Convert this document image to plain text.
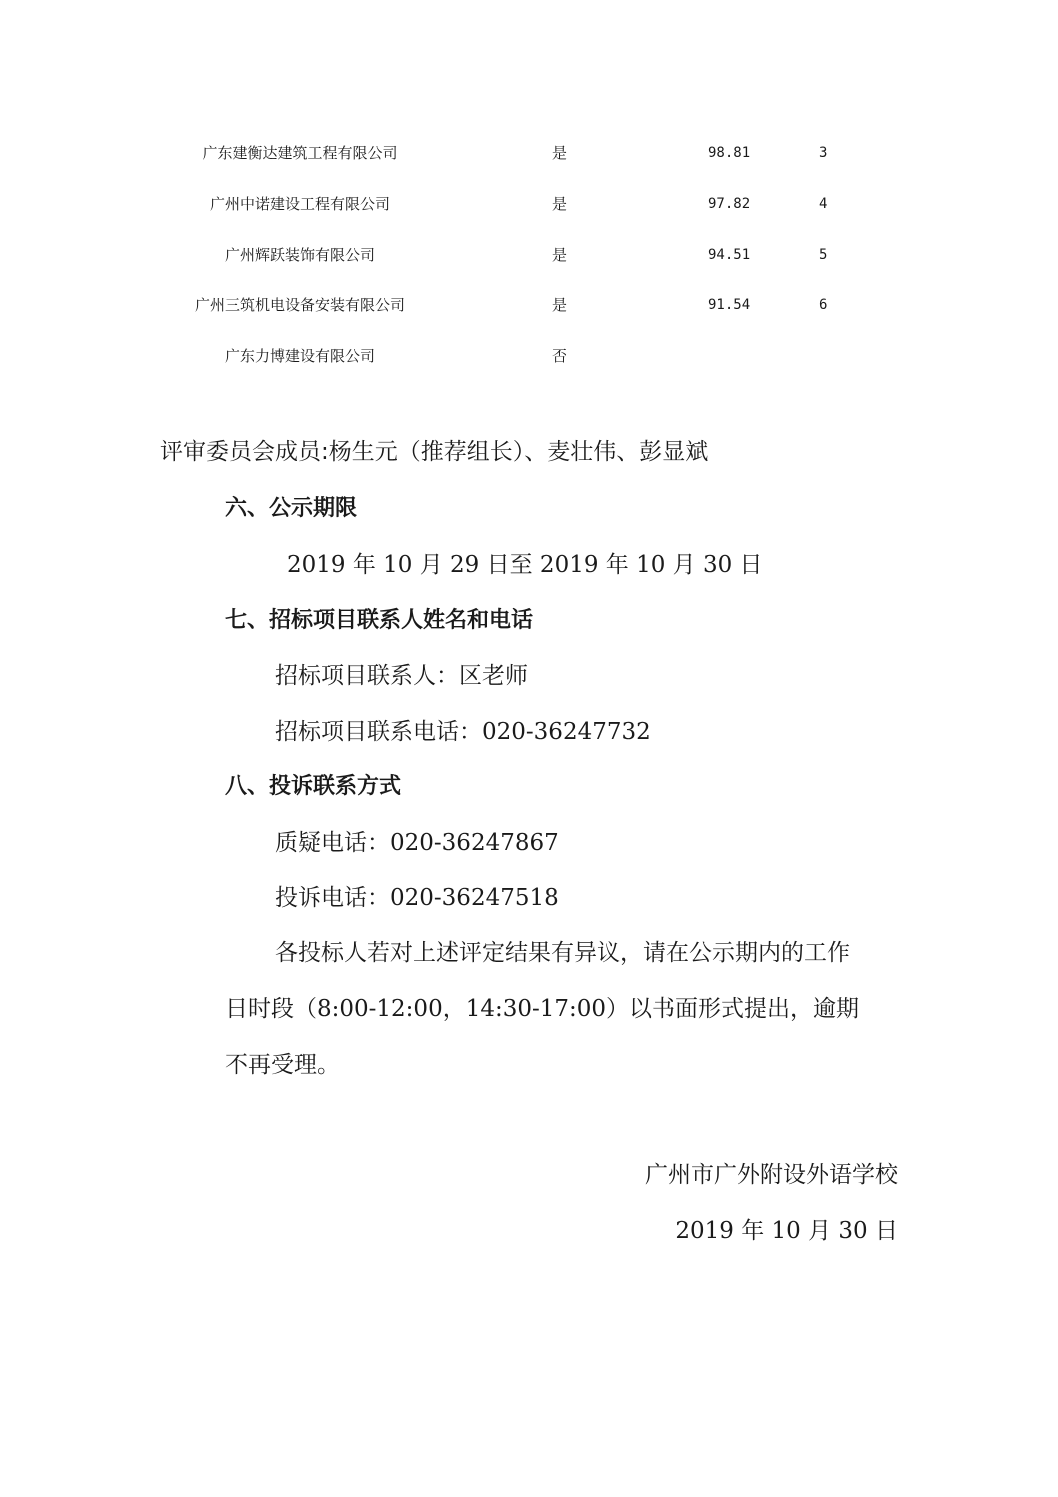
广东建衡达建筑工程有限公司	是	98.81	3
广州中诺建设工程有限公司	是	97.82	4
广州辉跃装饰有限公司	是	94.51	5
广州三筑机电设备安装有限公司	是	91.54	6
广东力博建设有限公司	否
评审委员会成员:杨生元（推荐组长）、麦壮伟、彭显斌
六、公示期限
2019 年 10 月 29 日至 2019 年 10 月 30 日
七、招标项目联系人姓名和电话
招标项目联系人：区老师
招标项目联系电话：020-36247732
八、投诉联系方式
质疑电话：020-36247867
投诉电话：020-36247518
各投标人若对上述评定结果有异议，请在公示期内的工作
日时段（8:00-12:00，14:30-17:00）以书面形式提出，逾期
不再受理。
广州市广外附设外语学校
2019 年 10 月 30 日
